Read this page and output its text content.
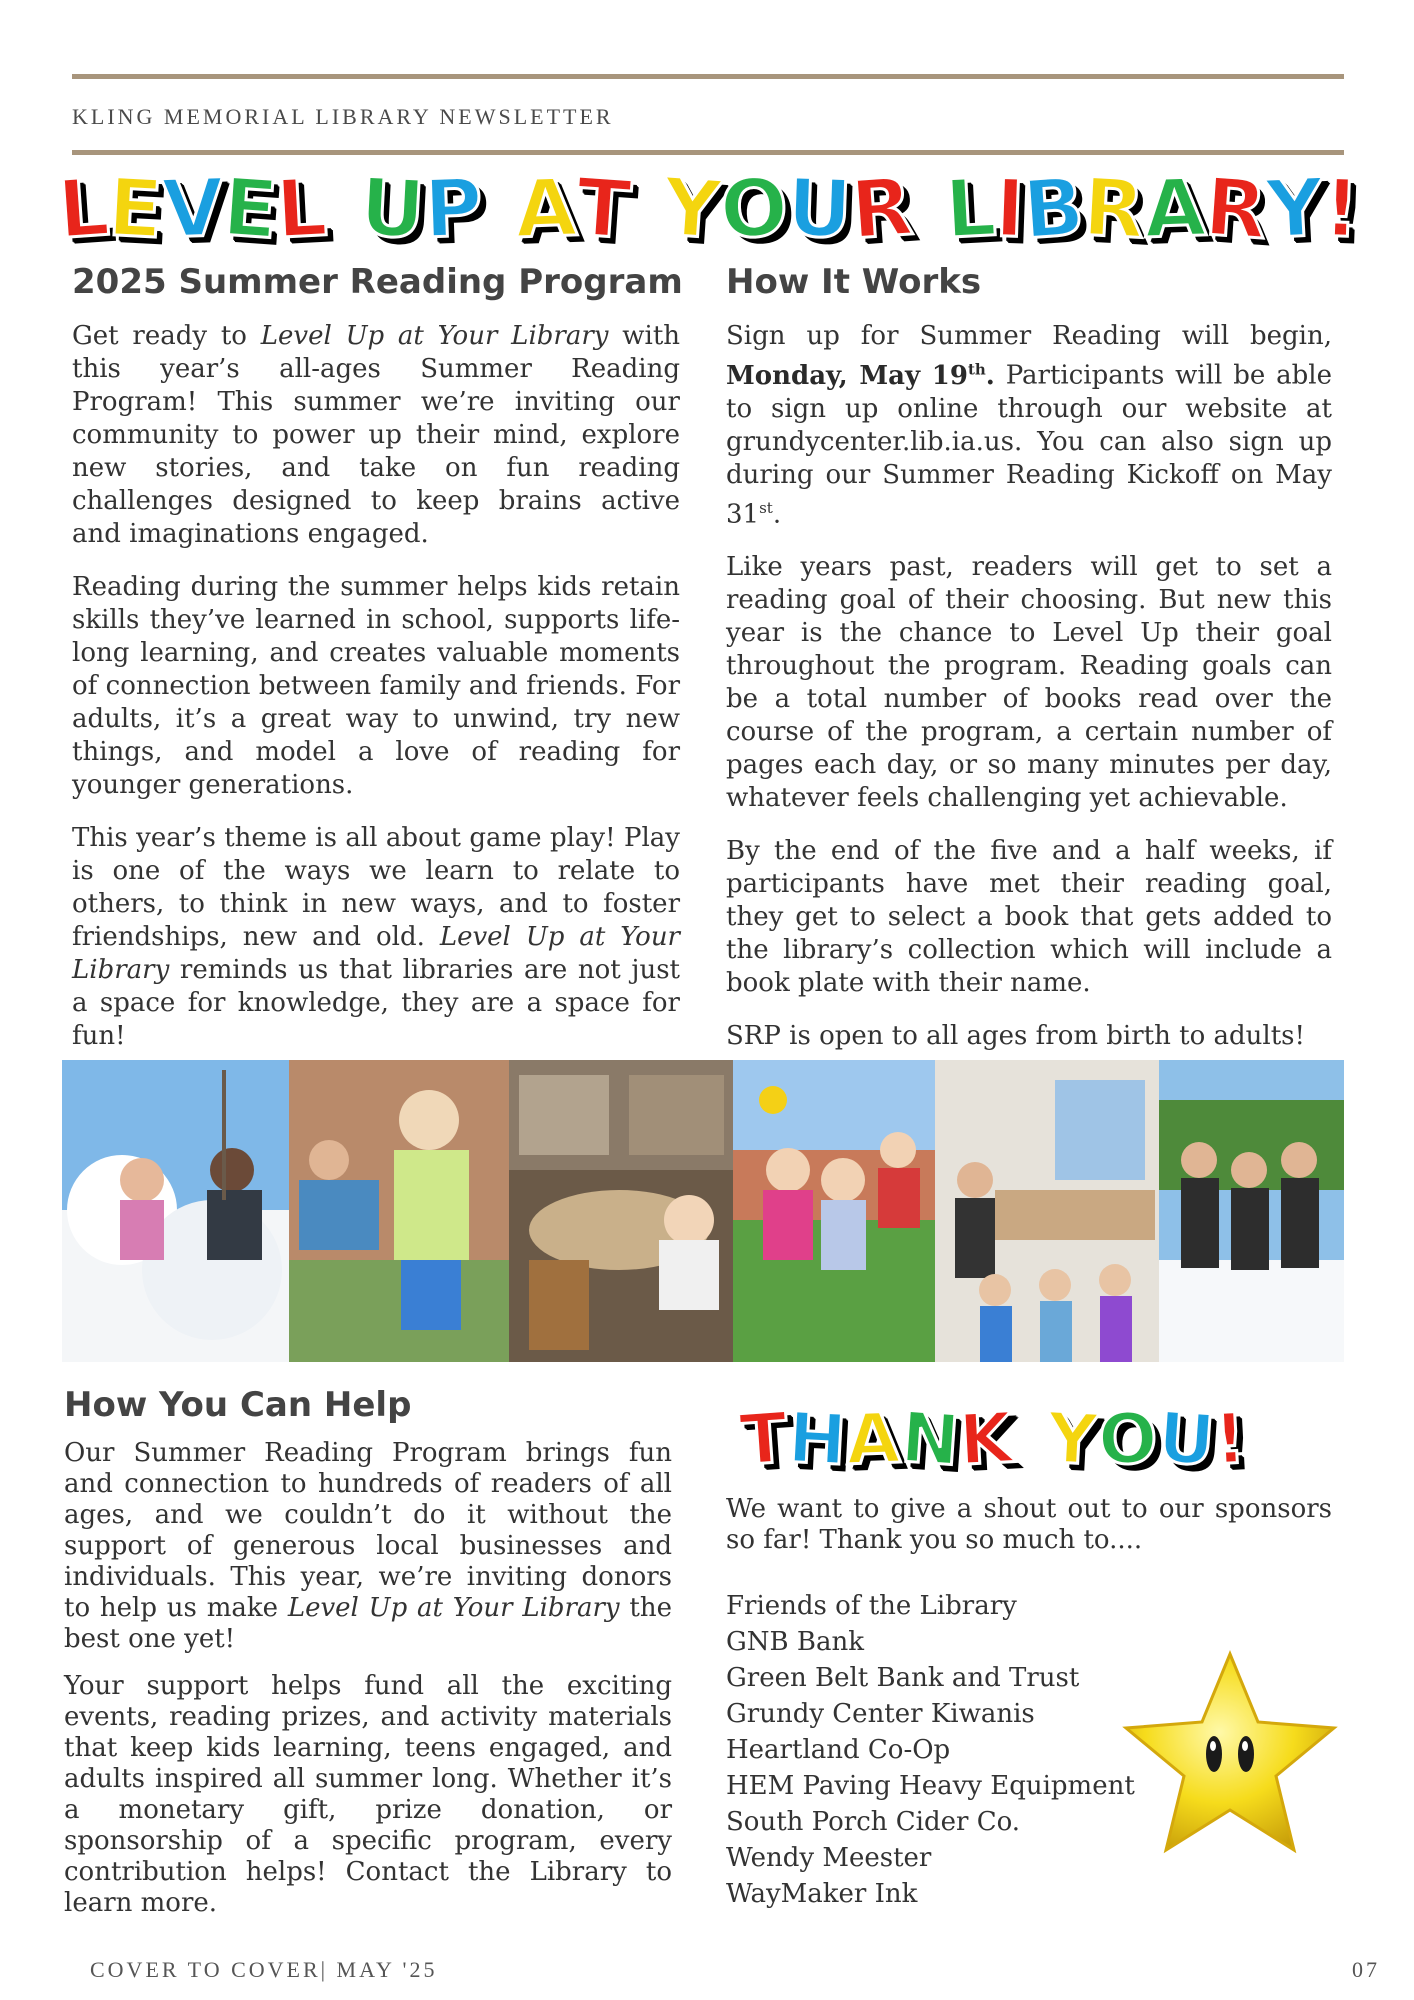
KLING MEMORIAL LIBRARY NEWSLETTER
L
E
V
E
L U
P A
T Y
O
U
R L
I
B
R
A
R
Y
!
2025 Summer Reading Program

Get ready to Level Up at Your Library with this year’s all-ages Summer Reading Program! This summer we’re inviting our community to power up their mind, explore new stories, and take on fun reading challenges designed to keep brains active and imaginations engaged.

Reading during the summer helps kids retain skills they’ve learned in school, supports life-long learning, and creates valuable moments of connection between family and friends. For adults, it’s a great way to unwind, try new things, and model a love of reading for younger generations.

This year’s theme is all about game play! Play is one of the ways we learn to relate to others, to think in new ways, and to foster friendships, new and old. Level Up at Your Library reminds us that libraries are not just a space for knowledge, they are a space for fun!

How It Works

Sign up for Summer Reading will begin, Monday, May 19th. Participants will be able to sign up online through our website at grundycenter.lib.ia.us. You can also sign up during our Summer Reading Kickoff on May 31st.

Like years past, readers will get to set a reading goal of their choosing. But new this year is the chance to Level Up their goal throughout the program. Reading goals can be a total number of books read over the course of the program, a certain number of pages each day, or so many minutes per day, whatever feels challenging yet achievable.

By the end of the five and a half weeks, if participants have met their reading goal, they get to select a book that gets added to the library’s collection which will include a book plate with their name.

SRP is open to all ages from birth to adults!

How You Can Help

Our Summer Reading Program brings fun and connection to hundreds of readers of all ages, and we couldn’t do it without the support of generous local businesses and individuals. This year, we’re inviting donors to help us make Level Up at Your Library the best one yet!

Your support helps fund all the exciting events, reading prizes, and activity materials that keep kids learning, teens engaged, and adults inspired all summer long. Whether it’s a monetary gift, prize donation, or sponsorship of a specific program, every contribution helps! Contact the Library to learn more.

T
H
A
N
K Y
O
U
!
We want to give a shout out to our sponsors so far! Thank you so much to....
Friends of the Library
GNB Bank
Green Belt Bank and Trust
Grundy Center Kiwanis
Heartland Co-Op
HEM Paving Heavy Equipment
South Porch Cider Co.
Wendy Meester
WayMaker Ink
COVER TO COVER| MAY '25	07
